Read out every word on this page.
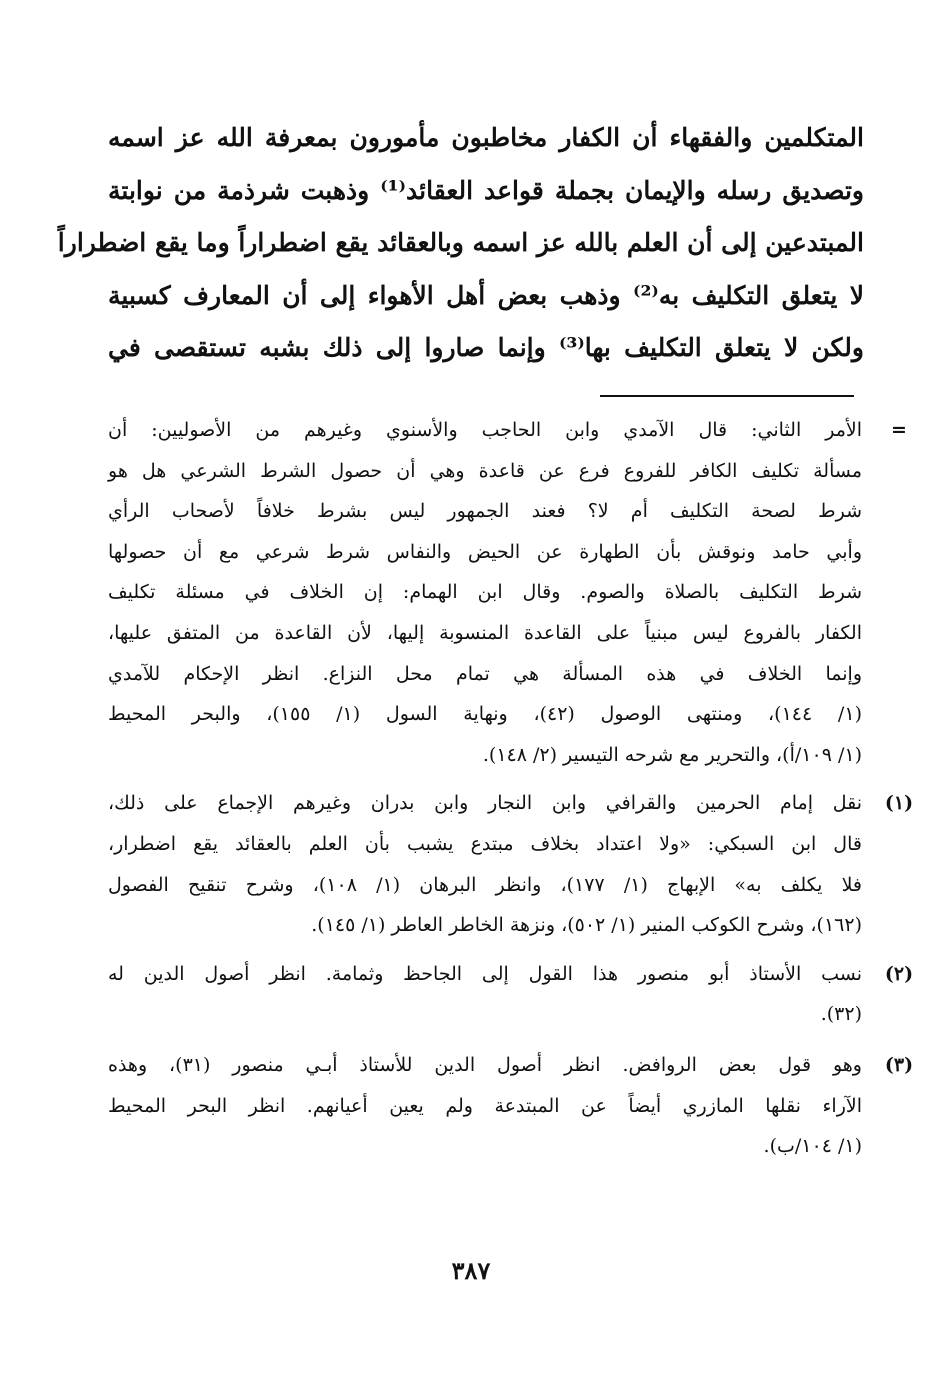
المتكلمين والفقهاء أن الكفار مخاطبون مأمورون بمعرفة الله عز اسمه
وتصديق رسله والإيمان بجملة قواعد العقائد⁽¹⁾ وذهبت شرذمة من نوابتة
المبتدعين إلى أن العلم بالله عز اسمه وبالعقائد يقع اضطراراً وما يقع اضطراراً
لا يتعلق التكليف به⁽²⁾ وذهب بعض أهل الأهواء إلى أن المعارف كسبية
ولكن لا يتعلق التكليف بها⁽³⁾ وإنما صاروا إلى ذلك بشبه تستقصى في
=
الأمر الثاني: قال الآمدي وابن الحاجب والأسنوي وغيرهم من الأصوليين: أن
مسألة تكليف الكافر للفروع فرع عن قاعدة وهي أن حصول الشرط الشرعي هل هو
شرط لصحة التكليف أم لا؟ فعند الجمهور ليس بشرط خلافاً لأصحاب الرأي
وأبي حامد ونوقش بأن الطهارة عن الحيض والنفاس شرط شرعي مع أن حصولها
شرط التكليف بالصلاة والصوم. وقال ابن الهمام: إن الخلاف في مسئلة تكليف
الكفار بالفروع ليس مبنياً على القاعدة المنسوبة إليها، لأن القاعدة من المتفق عليها،
وإنما الخلاف في هذه المسألة هي تمام محل النزاع. انظر الإحكام للآمدي
(١/ ١٤٤)، ومنتهى الوصول (٤٢)، ونهاية السول (١/ ١٥٥)، والبحر المحيط
(١/ ١٠٩/أ)، والتحرير مع شرحه التيسير (٢/ ١٤٨).
(١)
نقل إمام الحرمين والقرافي وابن النجار وابن بدران وغيرهم الإجماع على ذلك،
قال ابن السبكي: «ولا اعتداد بخلاف مبتدع يشبب بأن العلم بالعقائد يقع اضطرار،
فلا يكلف به» الإبهاج (١/ ١٧٧)، وانظر البرهان (١/ ١٠٨)، وشرح تنقيح الفصول
(١٦٢)، وشرح الكوكب المنير (١/ ٥٠٢)، ونزهة الخاطر العاطر (١/ ١٤٥).
(٢)
نسب الأستاذ أبو منصور هذا القول إلى الجاحظ وثمامة. انظر أصول الدين له
(٣٢).
(٣)
وهو قول بعض الروافض. انظر أصول الدين للأستاذ أبـي منصور (٣١)، وهذه
الآراء نقلها المازري أيضاً عن المبتدعة ولم يعين أعيانهم. انظر البحر المحيط
(١/ ١٠٤/ب).
٣٨٧
